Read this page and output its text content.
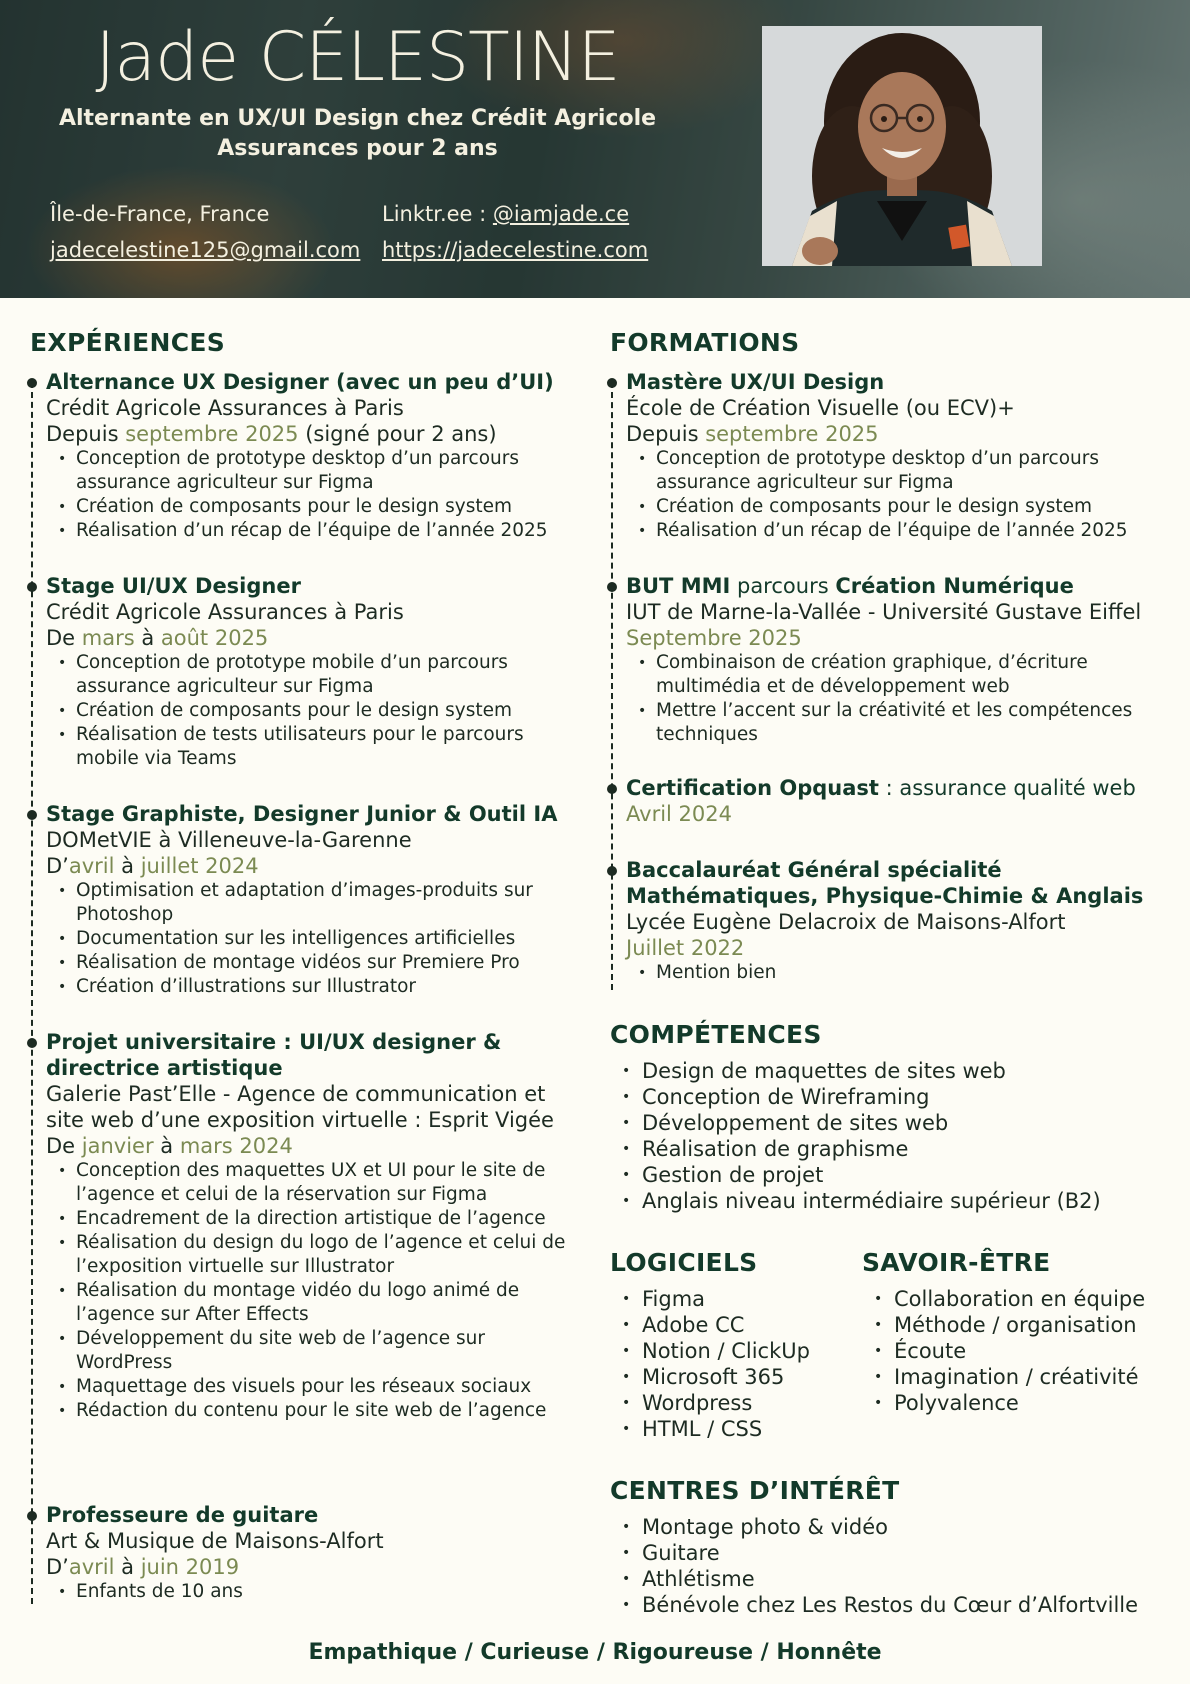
Jade CÉLESTINE
Alternante en UX/UI Design chez Crédit Agricole
Assurances pour 2 ans
Île-de-France, France	Linktr.ee : @iamjade.ce
jadecelestine125@gmail.com https://jadecelestine.com
EXPÉRIENCES
Alternance UX Designer (avec un peu d’UI)
Crédit Agricole Assurances à Paris
Depuis septembre 2025 (signé pour 2 ans)
• Conception de prototype desktop d’un parcours assurance agriculteur sur Figma
• Création de composants pour le design system
• Réalisation d’un récap de l’équipe de l’année 2025
Stage UI/UX Designer
Crédit Agricole Assurances à Paris
De mars à août 2025
• Conception de prototype mobile d’un parcours assurance agriculteur sur Figma
• Création de composants pour le design system
• Réalisation de tests utilisateurs pour le parcours mobile via Teams
Stage Graphiste, Designer Junior & Outil IA
DOMetVIE à Villeneuve-la-Garenne
D’avril à juillet 2024
• Optimisation et adaptation d’images-produits sur Photoshop
• Documentation sur les intelligences artificielles
• Réalisation de montage vidéos sur Premiere Pro
• Création d’illustrations sur Illustrator
Projet universitaire : UI/UX designer &
directrice artistique
Galerie Past’Elle - Agence de communication et
site web d’une exposition virtuelle : Esprit Vigée
De janvier à mars 2024
• Conception des maquettes UX et UI pour le site de l’agence et celui de la réservation sur Figma
• Encadrement de la direction artistique de l’agence
• Réalisation du design du logo de l’agence et celui de l’exposition virtuelle sur Illustrator
• Réalisation du montage vidéo du logo animé de l’agence sur After Effects
• Développement du site web de l’agence sur WordPress
• Maquettage des visuels pour les réseaux sociaux
• Rédaction du contenu pour le site web de l’agence
Professeure de guitare
Art & Musique de Maisons-Alfort
D’avril à juin 2019
• Enfants de 10 ans
FORMATIONS
Mastère UX/UI Design
École de Création Visuelle (ou ECV)+
Depuis septembre 2025
• Conception de prototype desktop d’un parcours assurance agriculteur sur Figma
• Création de composants pour le design system
• Réalisation d’un récap de l’équipe de l’année 2025
BUT MMI parcours Création Numérique
IUT de Marne-la-Vallée - Université Gustave Eiffel
Septembre 2025
• Combinaison de création graphique, d’écriture multimédia et de développement web
• Mettre l’accent sur la créativité et les compétences techniques
Certification Opquast : assurance qualité web
Avril 2024
Baccalauréat Général spécialité
Mathématiques, Physique-Chimie & Anglais
Lycée Eugène Delacroix de Maisons-Alfort
Juillet 2022
• Mention bien
COMPÉTENCES
• Design de maquettes de sites web
• Conception de Wireframing
• Développement de sites web
• Réalisation de graphisme
• Gestion de projet
• Anglais niveau intermédiaire supérieur (B2)
LOGICIELS
• Figma
• Adobe CC
• Notion / ClickUp
• Microsoft 365
• Wordpress
• HTML / CSS
SAVOIR-ÊTRE
• Collaboration en équipe
• Méthode / organisation
• Écoute
• Imagination / créativité
• Polyvalence
CENTRES D’INTÉRÊT
• Montage photo & vidéo
• Guitare
• Athlétisme
• Bénévole chez Les Restos du Cœur d’Alfortville
Empathique / Curieuse / Rigoureuse / Honnête
